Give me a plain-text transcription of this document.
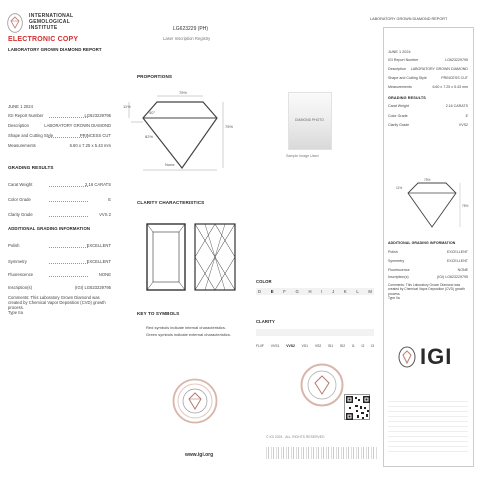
INTERNATIONAL
GEMOLOGICAL
INSTITUTE
ELECTRONIC COPY
LABORATORY GROWN DIAMOND REPORT
JUNE 1 2024
IGI Report Number	LG623229795
Description	LABORATORY GROWN DIAMOND
Shape and Cutting Style	PRINCESS CUT
Measurements	6.60 x 7.25 x 5.43 mm
GRADING RESULTS
Carat Weight	2.16 CARATS
Color Grade	E
Clarity Grade	VVS 2
ADDITIONAL GRADING INFORMATION
Polish	EXCELLENT
Symmetry	EXCELLENT
Fluorescence	NONE
Inscription(s)	(IGI) LG623229795
Comments: This Laboratory Grown Diamond was
created by Chemical Vapor Deposition (CVD) growth
process.
Type IIa
LG623229 (PH)
Laser Inscription Registry
PROPORTIONS
75%
11%
40°
82%
75%
None
DIAMOND PHOTO
Sample Image Used
CLARITY CHARACTERISTICS
KEY TO SYMBOLS
Red symbols indicate internal characteristics.
Green symbols indicate external characteristics.
www.igi.org
COLOR
D E F G H I J K L M
CLARITY
FL/IF VVS1 VVS2 VS1 VS2 SI1 SI2 I1 I2 I3
© IGI 2024 - ALL RIGHTS RESERVED
LABORATORY GROWN DIAMOND REPORT
JUNE 1 2024
IGI Report Number	LG623229795
Description LABORATORY GROWN DIAMOND
Shape and Cutting Style	PRINCESS CUT
Measurements	6.60 x 7.25 x 5.43 mm
GRADING RESULTS
Carat Weight	2.16 CARATS
Color Grade	E
Clarity Grade	VVS2
11%
75%
75%
ADDITIONAL GRADING INFORMATION
Polish	EXCELLENT
Symmetry	EXCELLENT
Fluorescence	NONE
Inscription(s)	(IGI) LG623229795
Comments: This Laboratory Grown Diamond was
created by Chemical Vapor Deposition (CVD) growth
process.
Type IIa
IGI
